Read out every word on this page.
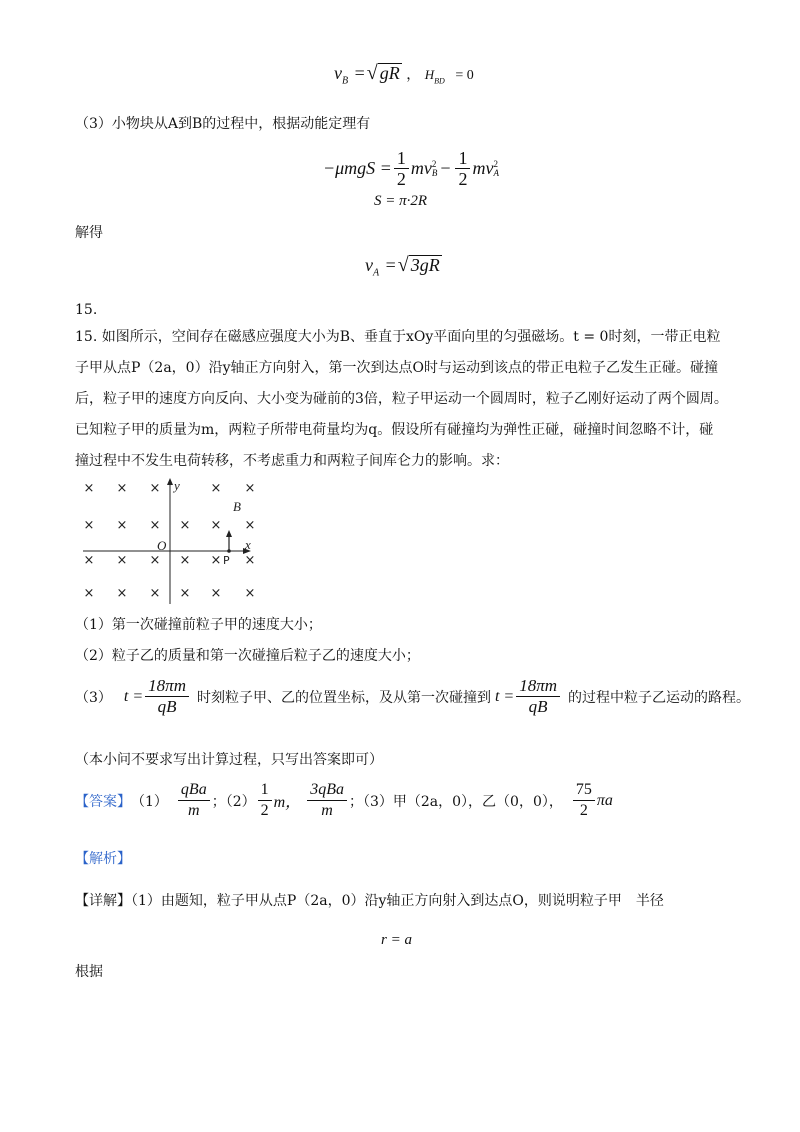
$v_B$ = √ gR ， $H_{BD} = 0$
（3）小物块从A到B的过程中，根据动能定理有
$-\mu mgS = \frac{1}{2}$ mv 2
$B - \frac{1}{2}$ mv 2
A
S = π·2R
解得
$v_A$ = √ 3gR
15.
15. 如图所示，空间存在磁感应强度大小为B、垂直于xOy平面向里的匀强磁场。t = 0时刻，一带正电粒
子甲从点P（2a，0）沿y轴正方向射入，第一次到达点O时与运动到该点的带正电粒子乙发生正碰。碰撞
后，粒子甲的速度方向反向、大小变为碰前的3倍，粒子甲运动一个圆周时，粒子乙刚好运动了两个圆周。
已知粒子甲的质量为m，两粒子所带电荷量均为q。假设所有碰撞均为弹性正碰，碰撞时间忽略不计，碰
撞过程中不发生电荷转移，不考虑重力和两粒子间库仑力的影响。求：
× × ×	× ×
× × × × × ×
× × × × × ×
× × × × × ×
y
x
O
B
P
（1）第一次碰撞前粒子甲的速度大小；
（2）粒子乙的质量和第一次碰撞后粒子乙的速度大小；
（3） $t = \frac{18\pi m}{qB}$ 时刻粒子甲、乙的位置坐标，及从第一次碰撞到 $t = \frac{18\pi m}{qB}$ 的过程中粒子乙运动的路程。
（本小问不要求写出计算过程，只写出答案即可）
【答案】 $(1) \frac{\text{qBa}}{m}$ ；$(2) \frac{1}{2}$ m， $\frac{\text{3qBa}}{m}$ ；（3）甲（2a，0），乙（0，0）， $\frac{75}{2}$ πa
【解析】
【详解】（1）由题知，粒子甲从点P（2a，0）沿y轴正方向射入到达点O，则说明粒子甲　半径
r = a
根据
